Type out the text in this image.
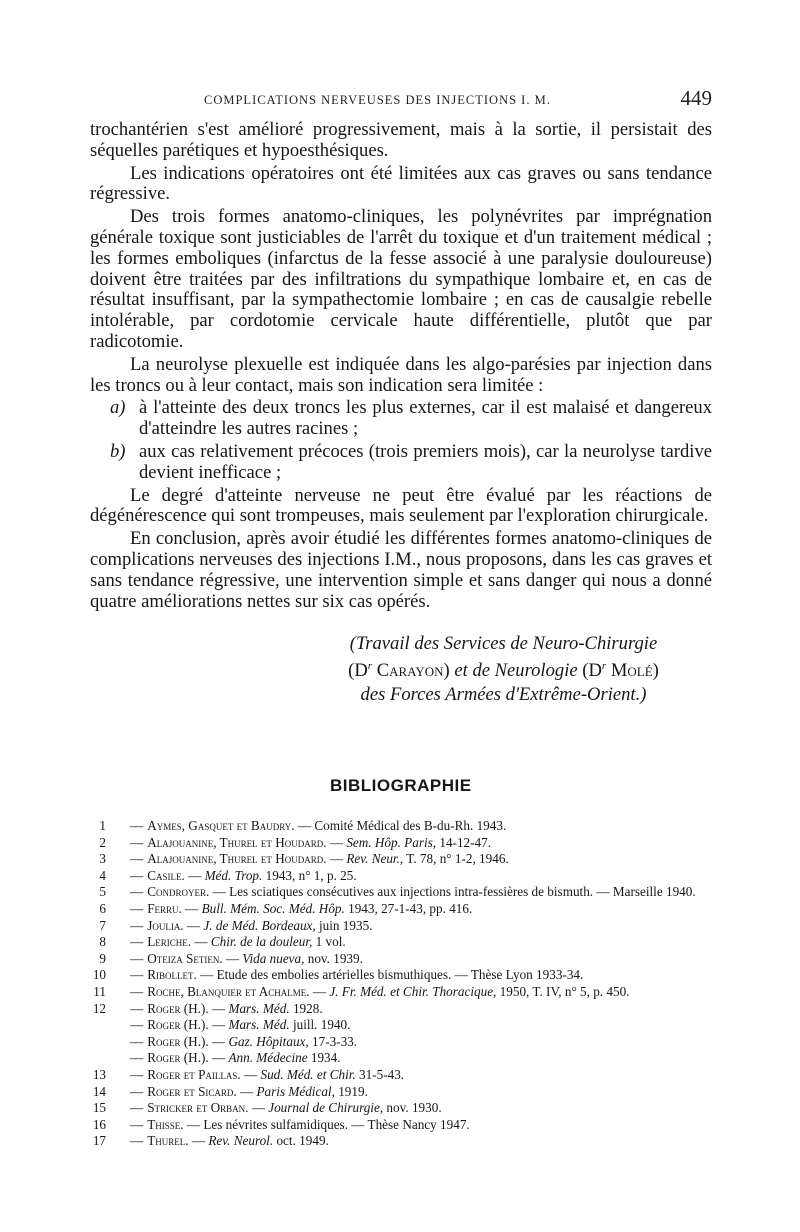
COMPLICATIONS NERVEUSES DES INJECTIONS I. M.	449

trochantérien s'est amélioré progressivement, mais à la sortie, il persistait des séquelles parétiques et hypoesthésiques.

Les indications opératoires ont été limitées aux cas graves ou sans tendance régressive.

Des trois formes anatomo-cliniques, les polynévrites par imprégnation générale toxique sont justiciables de l'arrêt du toxique et d'un traitement médical ; les formes emboliques (infarctus de la fesse associé à une paralysie douloureuse) doivent être traitées par des infiltrations du sympathique lombaire et, en cas de résultat insuffisant, par la sympathectomie lombaire ; en cas de causalgie rebelle intolérable, par cordotomie cervicale haute différentielle, plutôt que par radicotomie.

La neurolyse plexuelle est indiquée dans les algo-parésies par injection dans les troncs ou à leur contact, mais son indication sera limitée :

a) à l'atteinte des deux troncs les plus externes, car il est malaisé et dangereux d'atteindre les autres racines ;
b) aux cas relativement précoces (trois premiers mois), car la neurolyse tardive devient inefficace ;

Le degré d'atteinte nerveuse ne peut être évalué par les réactions de dégénérescence qui sont trompeuses, mais seulement par l'exploration chirurgicale.

En conclusion, après avoir étudié les différentes formes anatomo-cliniques de complications nerveuses des injections I.M., nous proposons, dans les cas graves et sans tendance régressive, une intervention simple et sans danger qui nous a donné quatre améliorations nettes sur six cas opérés.

(Travail des Services de Neuro-Chirurgie
($D^r$ Carayon) et de Neurologie ($D^r$ Molé)
des Forces Armées d'Extrême-Orient.)
BIBLIOGRAPHIE
1 — Aymes, Gasquet et Baudry. — Comité Médical des B-du-Rh. 1943.
2 — Alajouanine, Thurel et Houdard. — Sem. Hôp. Paris, 14-12-47.
3 — Alajouanine, Thurel et Houdard. — Rev. Neur., T. 78, n° 1-2, 1946.
4 — Casile. — Méd. Trop. 1943, n° 1, p. 25.
5 — Condroyer. — Les sciatiques consécutives aux injections intra-fessières de bismuth. — Marseille 1940.
6 — Ferru. — Bull. Mém. Soc. Méd. Hôp. 1943, 27-1-43, pp. 416.
7 — Joulia. — J. de Méd. Bordeaux, juin 1935.
8 — Leriche. — Chir. de la douleur, 1 vol.
9 — Oteiza Setien. — Vida nueva, nov. 1939.
10 — Ribollet. — Etude des embolies artérielles bismuthiques. — Thèse Lyon 1933-34.
11 — Roche, Blanquier et Achalme. — J. Fr. Méd. et Chir. Thoracique, 1950, T. IV, n° 5, p. 450.
12 — Roger (H.). — Mars. Méd. 1928.
— Roger (H.). — Mars. Méd. juill. 1940.
— Roger (H.). — Gaz. Hôpitaux, 17-3-33.
— Roger (H.). — Ann. Médecine 1934.
13 — Roger et Paillas. — Sud. Méd. et Chir. 31-5-43.
14 — Roger et Sicard. — Paris Médical, 1919.
15 — Stricker et Orban. — Journal de Chirurgie, nov. 1930.
16 — Thisse. — Les névrites sulfamidiques. — Thèse Nancy 1947.
17 — Thurel. — Rev. Neurol. oct. 1949.
